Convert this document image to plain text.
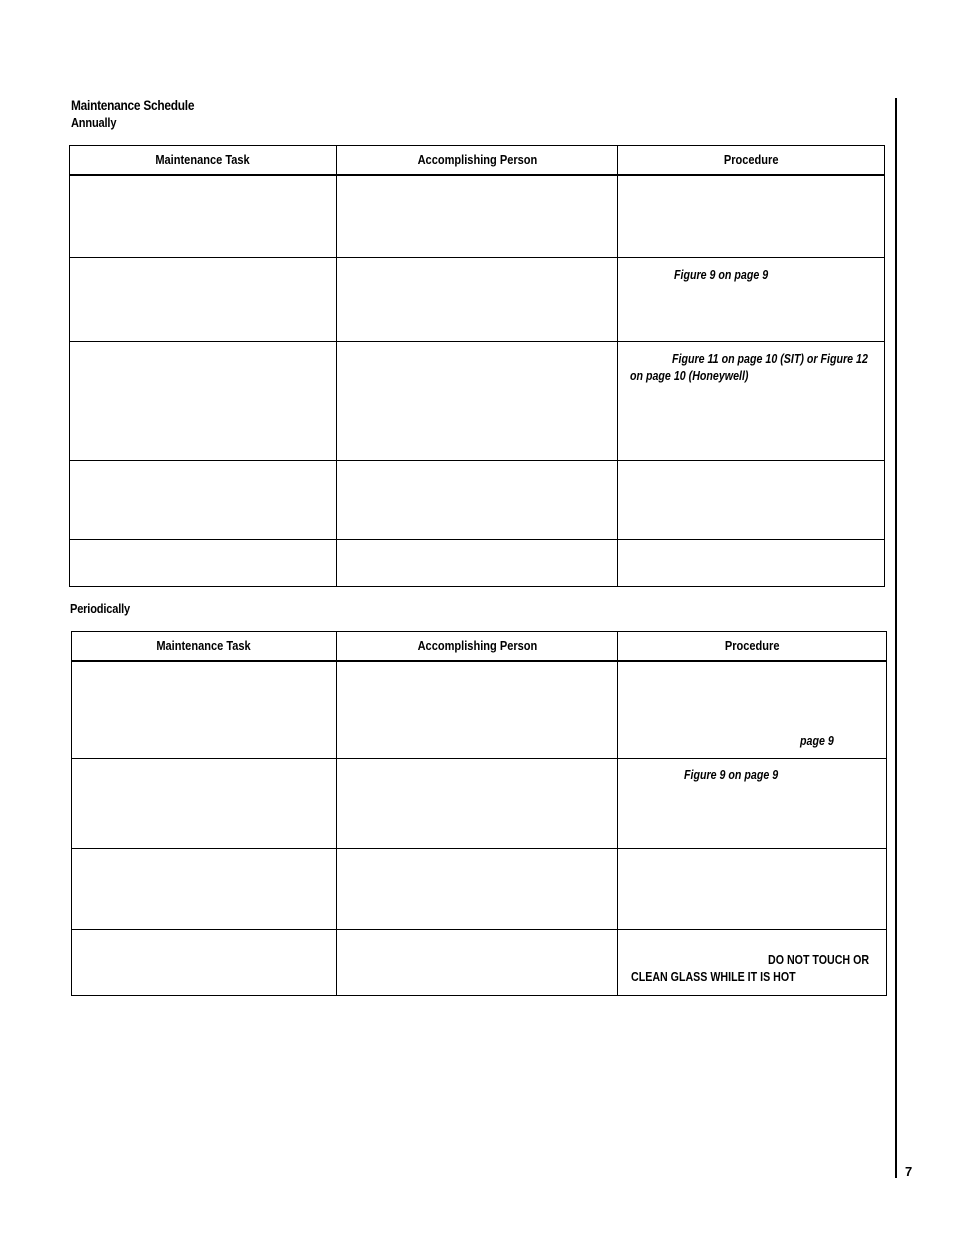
Maintenance Schedule
Annually
Maintenance Task	Accomplishing Person	Procedure

		Figure 9 on page 9

		Figure 11 on page 10 (SIT) or Figure 12
on page 10 (Honeywell)

Periodically
Maintenance Task	Accomplishing Person	Procedure

		page 9

		Figure 9 on page 9

		DO NOT TOUCH OR
CLEAN GLASS WHILE IT IS HOT
7
